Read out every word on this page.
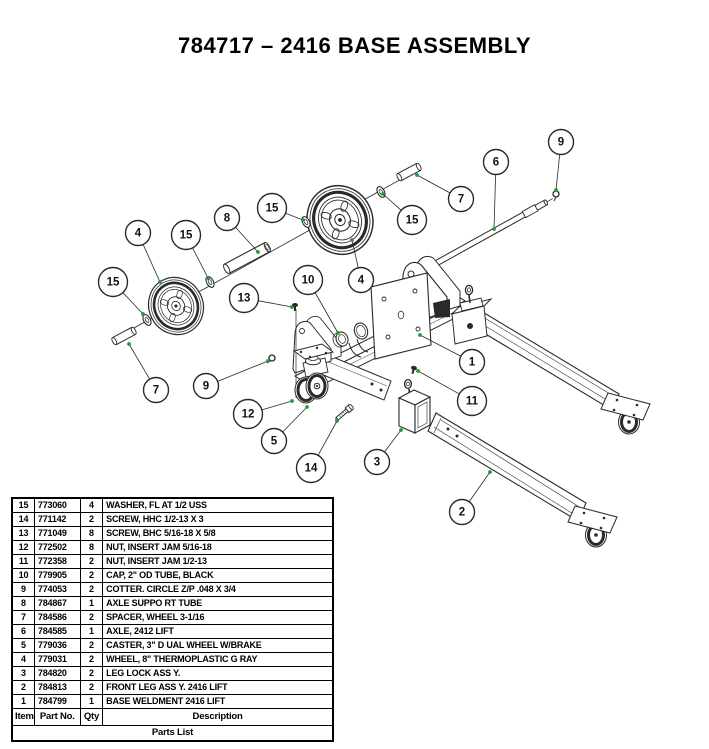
784717 – 2416 BASE ASSEMBLY
4	15
8
15
15
7	9
13
10	4
15
7
6
9
1
11
12
5
14	3
2
15	773060	4	WASHER, FL AT 1/2 USS
14	771142	2	SCREW, HHC 1/2-13 X 3
13	771049	8	SCREW, BHC 5/16-18 X 5/8
12	772502	8	NUT, INSERT JAM 5/16-18
11	772358	2	NUT, INSERT JAM 1/2-13
10	779905	2	CAP, 2" OD TUBE, BLACK
9	774053	2	COTTER. CIRCLE Z/P .048 X 3/4
8	784867	1	AXLE SUPPO RT TUBE
7	784586	2	SPACER, WHEEL 3-1/16
6	784585	1	AXLE, 2412 LIFT
5	779036	2	CASTER, 3" D UAL WHEEL W/BRAKE
4	779031	2	WHEEL, 8" THERMOPLASTIC G RAY
3	784820	2	LEG LOCK ASS Y.
2	784813	2	FRONT LEG ASS Y. 2416 LIFT
1	784799	1	BASE WELDMENT 2416 LIFT
Item	Part No.	Qty	Description
Parts List			
